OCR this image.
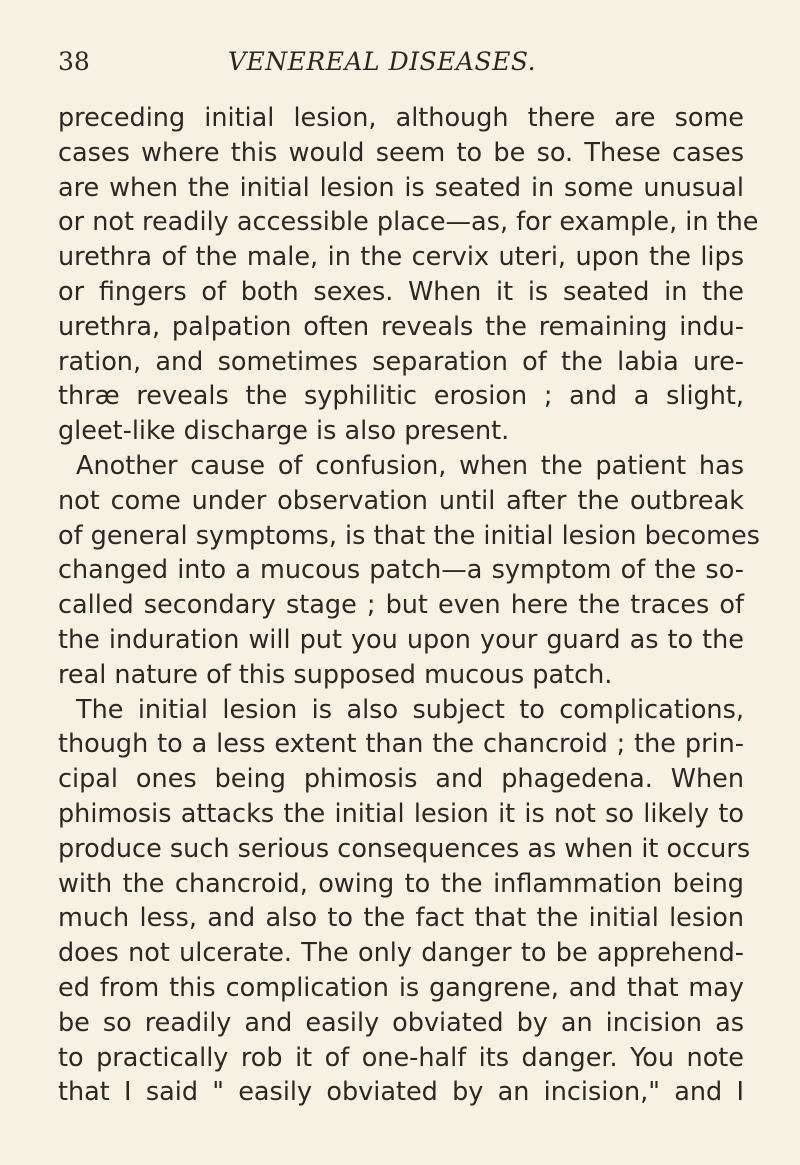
38	VENEREAL DISEASES.
preceding initial lesion, although there are some
cases where this would seem to be so. These cases
are when the initial lesion is seated in some unusual
or not readily accessible place—as, for example, in the
urethra of the male, in the cervix uteri, upon the lips
or fingers of both sexes. When it is seated in the
urethra, palpation often reveals the remaining indu-
ration, and sometimes separation of the labia ure-
thræ reveals the syphilitic erosion ; and a slight,
gleet-like discharge is also present.
Another cause of confusion, when the patient has
not come under observation until after the outbreak
of general symptoms, is that the initial lesion becomes
changed into a mucous patch—a symptom of the so-
called secondary stage ; but even here the traces of
the induration will put you upon your guard as to the
real nature of this supposed mucous patch.
The initial lesion is also subject to complications,
though to a less extent than the chancroid ; the prin-
cipal ones being phimosis and phagedena. When
phimosis attacks the initial lesion it is not so likely to
produce such serious consequences as when it occurs
with the chancroid, owing to the inflammation being
much less, and also to the fact that the initial lesion
does not ulcerate. The only danger to be apprehend-
ed from this complication is gangrene, and that may
be so readily and easily obviated by an incision as
to practically rob it of one-half its danger. You note
that I said " easily obviated by an incision," and I
